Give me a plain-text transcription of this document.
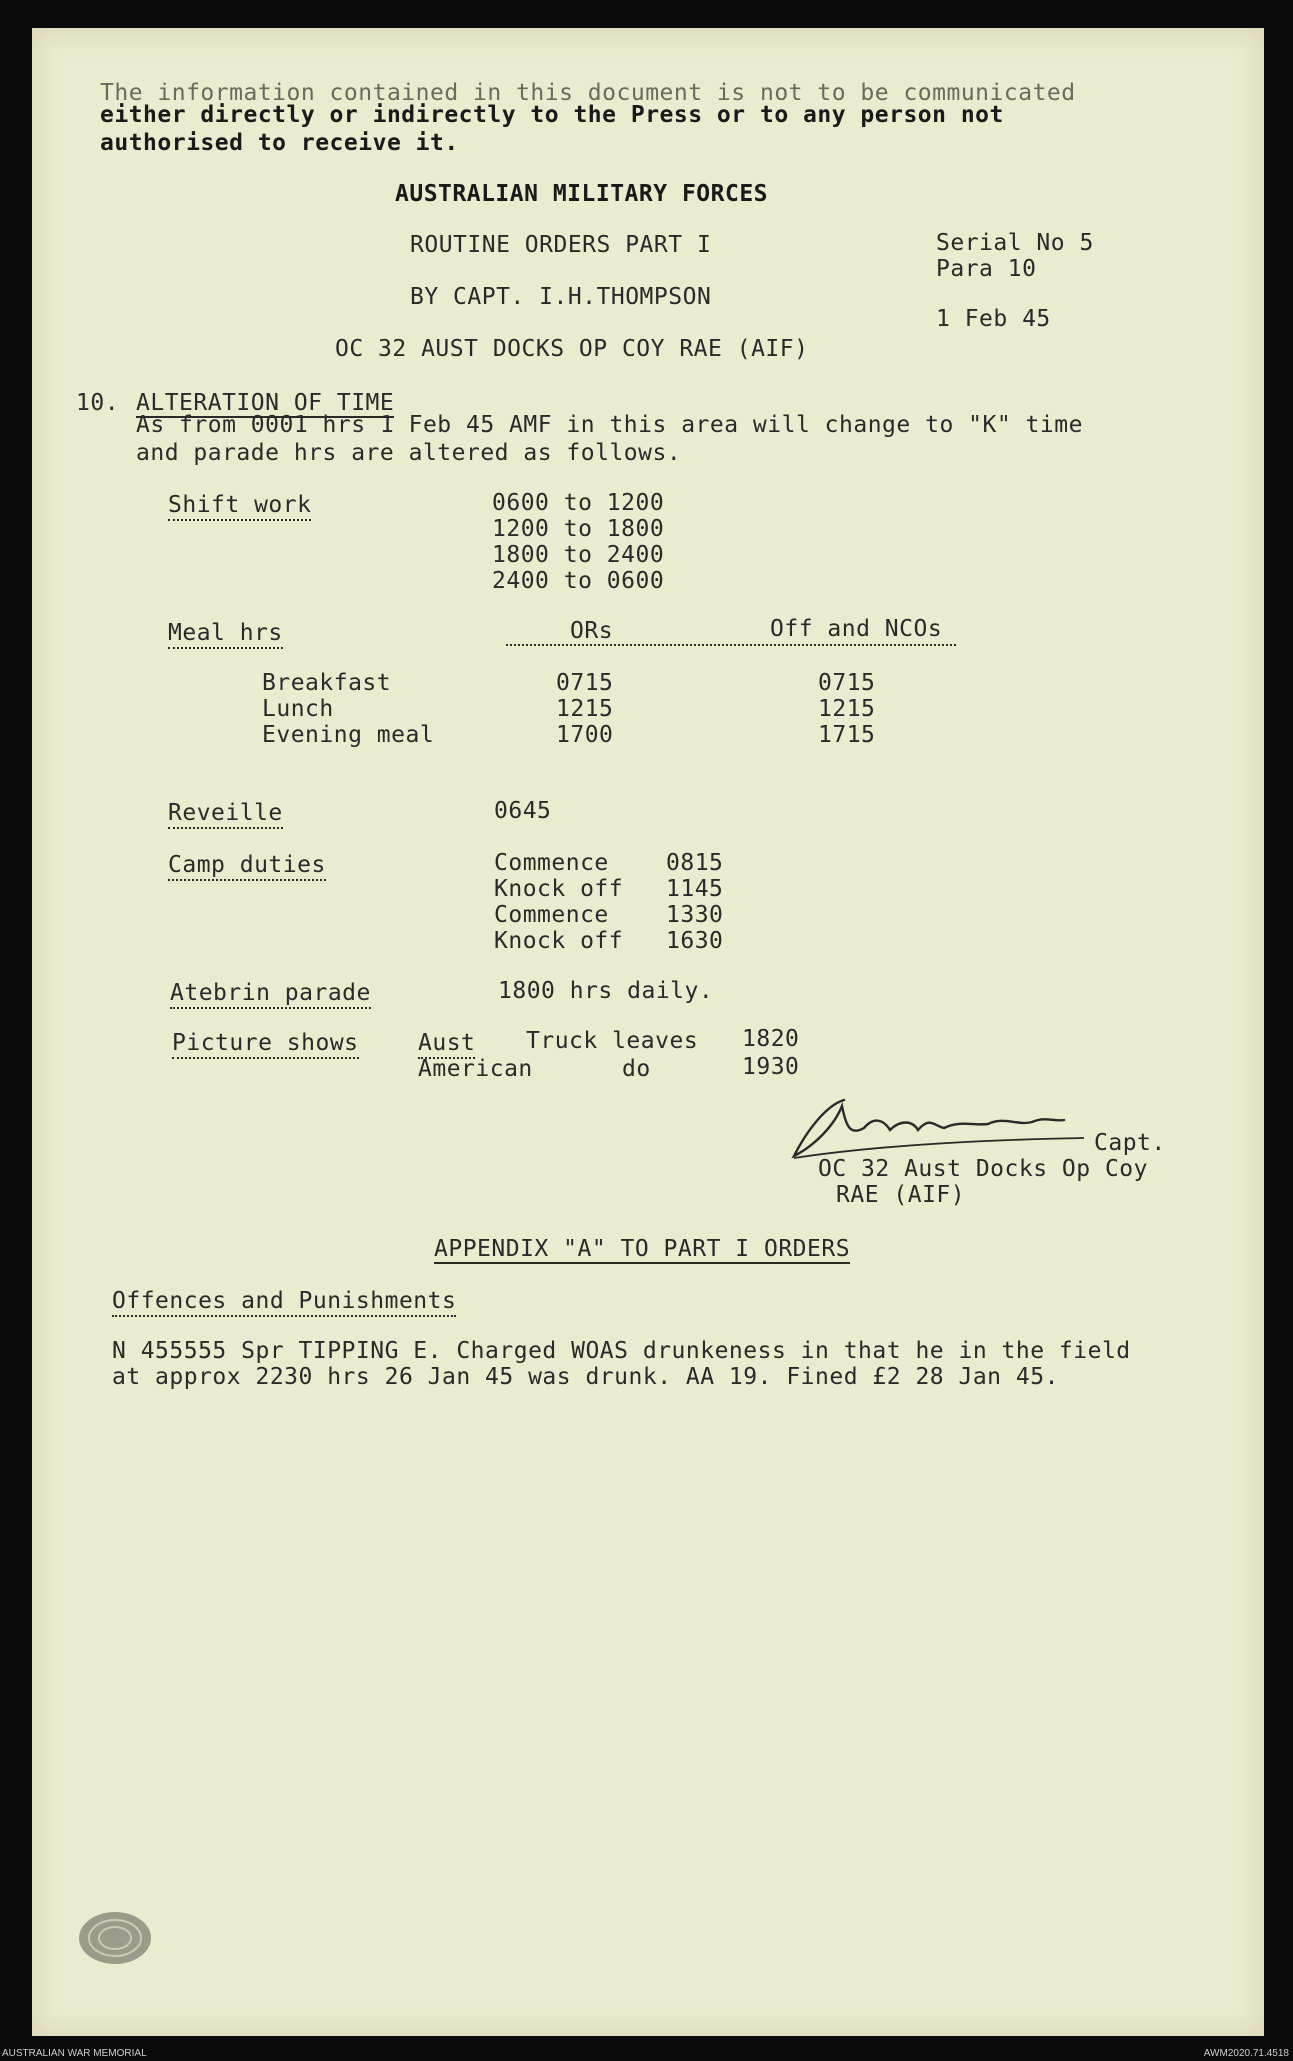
The information contained in this document is not to be communicated
either directly or indirectly to the Press or to any person not
authorised to receive it.
AUSTRALIAN MILITARY FORCES
ROUTINE ORDERS PART I
BY CAPT. I.H.THOMPSON
OC 32 AUST DOCKS OP COY RAE (AIF)
Serial No 5
Para 10
1 Feb 45
10. ALTERATION OF TIME
As from 0001 hrs 1 Feb 45 AMF in this area will change to "K" time
and parade hrs are altered as follows.
Shift work	0600 to 1200
1200 to 1800
1800 to 2400
2400 to 0600
Meal hrs	ORs	Off and NCOs
Breakfast	0715	0715
Lunch	1215	1215
Evening meal	1700	1715
Reveille	0645
Camp duties	Commence 0815
Knock off 1145
Commence 1330
Knock off 1630
Atebrin parade	1800 hrs daily.
Picture shows	Aust Truck leaves 1820
American	do	1930
Capt.
OC 32 Aust Docks Op Coy
RAE (AIF)
APPENDIX "A" TO PART I ORDERS
Offences and Punishments
N 455555 Spr TIPPING E. Charged WOAS drunkeness in that he in the field
at approx 2230 hrs 26 Jan 45 was drunk. AA 19. Fined £2 28 Jan 45.
AUSTRALIAN WAR MEMORIAL	AWM2020.71.4518
